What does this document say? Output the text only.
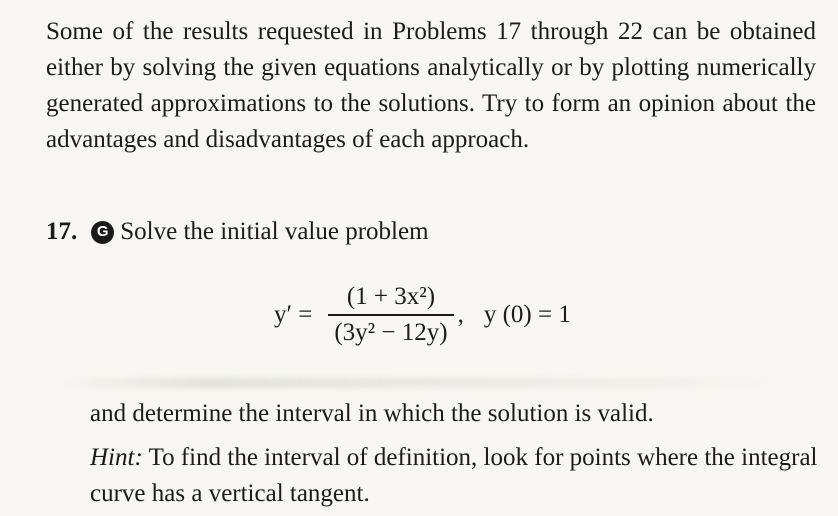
Some of the results requested in Problems 17 through 22 can be obtained either by solving the given equations analytically or by plotting numerically generated approximations to the solutions. Try to form an opinion about the advantages and disadvantages of each approach.
17.	G Solve the initial value problem
$y' = \frac{\text{(1 + 3x²)}}{\text{(3y² − 12y)}}$ , y (0) = 1
and determine the interval in which the solution is valid.
Hint: To find the interval of definition, look for points where the integral curve has a vertical tangent.
